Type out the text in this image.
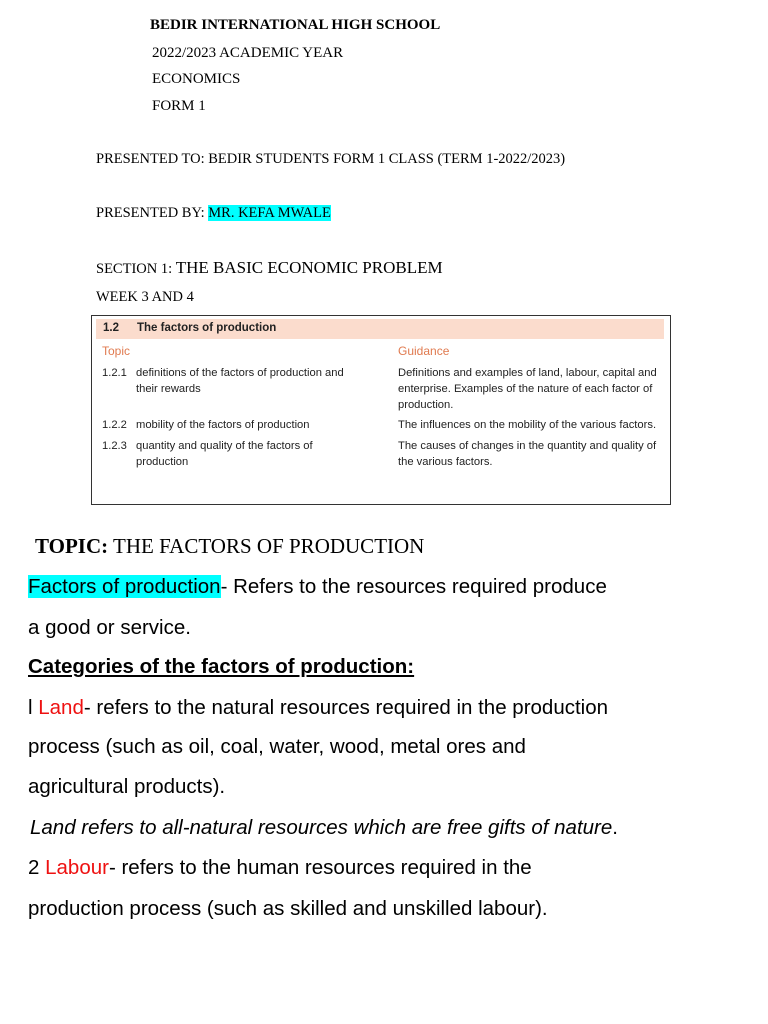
BEDIR INTERNATIONAL HIGH SCHOOL
2022/2023 ACADEMIC YEAR
ECONOMICS
FORM 1
PRESENTED TO: BEDIR STUDENTS FORM 1 CLASS (TERM 1-2022/2023)
PRESENTED BY: MR. KEFA MWALE
SECTION 1: THE BASIC ECONOMIC PROBLEM
WEEK 3 AND 4
1.2 The factors of production
Topic	Guidance
1.2.1 definitions of the factors of production and
their rewards
Definitions and examples of land, labour, capital and
enterprise. Examples of the nature of each factor of
production.
1.2.2 mobility of the factors of production	The influences on the mobility of the various factors.
1.2.3 quantity and quality of the factors of
production
The causes of changes in the quantity and quality of
the various factors.
TOPIC: THE FACTORS OF PRODUCTION
Factors of production- Refers to the resources required produce
a good or service.
Categories of the factors of production:
l Land- refers to the natural resources required in the production
process (such as oil, coal, water, wood, metal ores and
agricultural products).
Land refers to all-natural resources which are free gifts of nature.
2 Labour- refers to the human resources required in the
production process (such as skilled and unskilled labour).
